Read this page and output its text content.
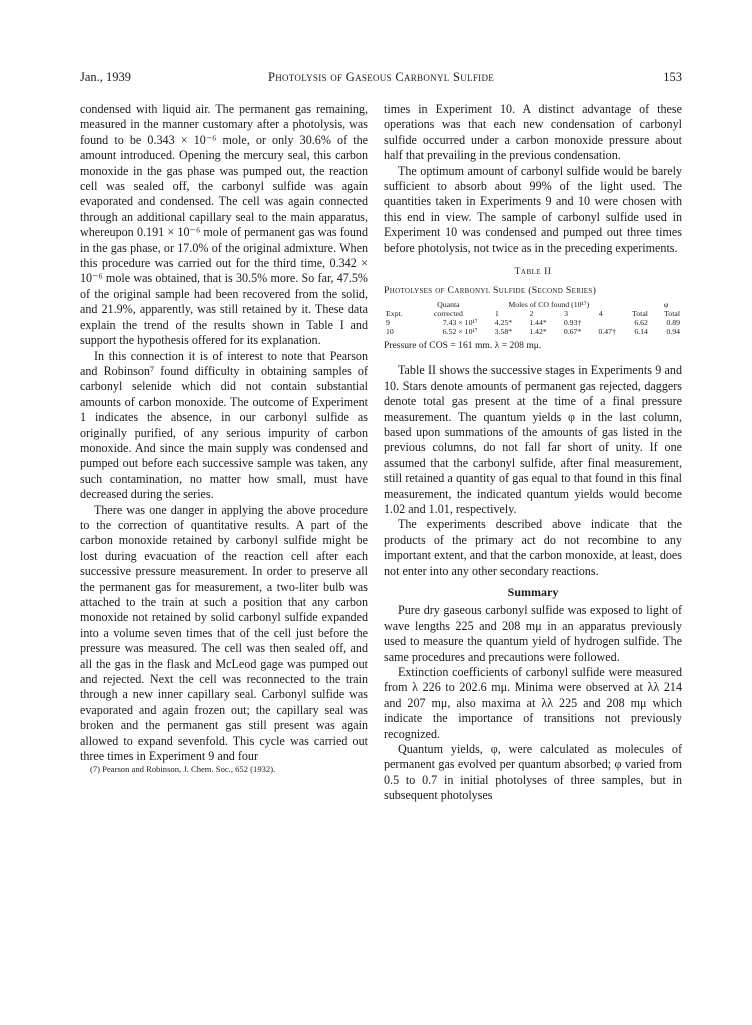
Jan., 1939	Photolysis of Gaseous Carbonyl Sulfide	153

condensed with liquid air. The permanent gas remaining, measured in the manner customary after a photolysis, was found to be 0.343 × 10⁻⁶ mole, or only 30.6% of the amount introduced. Opening the mercury seal, this carbon monoxide in the gas phase was pumped out, the reaction cell was sealed off, the carbonyl sulfide was again evaporated and condensed. The cell was again connected through an additional capillary seal to the main apparatus, whereupon 0.191 × 10⁻⁶ mole of permanent gas was found in the gas phase, or 17.0% of the original admixture. When this procedure was carried out for the third time, 0.342 × 10⁻⁶ mole was obtained, that is 30.5% more. So far, 47.5% of the original sample had been recovered from the solid, and 21.9%, apparently, was still retained by it. These data explain the trend of the results shown in Table I and support the hypothesis offered for its explanation.

In this connection it is of interest to note that Pearson and Robinson⁷ found difficulty in obtaining samples of carbonyl selenide which did not contain substantial amounts of carbon monoxide. The outcome of Experiment 1 indicates the absence, in our carbonyl sulfide as originally purified, of any serious impurity of carbon monoxide. And since the main supply was condensed and pumped out before each successive sample was taken, any such contamination, no matter how small, must have decreased during the series.

There was one danger in applying the above procedure to the correction of quantitative results. A part of the carbon monoxide retained by carbonyl sulfide might be lost during evacuation of the reaction cell after each successive pressure measurement. In order to preserve all the permanent gas for measurement, a two-liter bulb was attached to the train at such a position that any carbon monoxide not retained by solid carbonyl sulfide expanded into a volume seven times that of the cell just before the pressure was measured. The cell was then sealed off, and all the gas in the flask and McLeod gage was pumped out and rejected. Next the cell was reconnected to the train through a new inner capillary seal. Carbonyl sulfide was evaporated and again frozen out; the capillary seal was broken and the permanent gas still present was again allowed to expand sevenfold. This cycle was carried out three times in Experiment 9 and four

(7) Pearson and Robinson, J. Chem. Soc., 652 (1932).

times in Experiment 10. A distinct advantage of these operations was that each new condensation of carbonyl sulfide occurred under a carbon monoxide pressure about half that prevailing in the previous condensation.

The optimum amount of carbonyl sulfide would be barely sufficient to absorb about 99% of the light used. The quantities taken in Experiments 9 and 10 were chosen with this end in view. The sample of carbonyl sulfide used in Experiment 10 was condensed and pumped out three times before photolysis, not twice as in the preceding experiments.

Table II
Photolyses of Carbonyl Sulfide (Second Series)
	Quanta	Moles of CO found (10¹⁷)					φ
Expt.	corrected	1	2	3	4	Total	Total
9	7.43 × 10¹⁷	4.25*	1.44*	0.93†		6.62	0.89
10	6.52 × 10¹⁷	3.58*	1.42*	0.67*	0.47†	6.14	0.94
Pressure of COS = 161 mm. λ = 208 mμ.

Table II shows the successive stages in Experiments 9 and 10. Stars denote amounts of permanent gas rejected, daggers denote total gas present at the time of a final pressure measurement. The quantum yields φ in the last column, based upon summations of the amounts of gas listed in the previous columns, do not fall far short of unity. If one assumed that the carbonyl sulfide, after final measurement, still retained a quantity of gas equal to that found in this final measurement, the indicated quantum yields would become 1.02 and 1.01, respectively.

The experiments described above indicate that the products of the primary act do not recombine to any important extent, and that the carbon monoxide, at least, does not enter into any other secondary reactions.

Summary

Pure dry gaseous carbonyl sulfide was exposed to light of wave lengths 225 and 208 mμ in an apparatus previously used to measure the quantum yield of hydrogen sulfide. The same procedures and precautions were followed.

Extinction coefficients of carbonyl sulfide were measured from λ 226 to 202.6 mμ. Minima were observed at λλ 214 and 207 mμ, also maxima at λλ 225 and 208 mμ which indicate the importance of transitions not previously recognized.

Quantum yields, φ, were calculated as molecules of permanent gas evolved per quantum absorbed; φ varied from 0.5 to 0.7 in initial photolyses of three samples, but in subsequent photolyses
